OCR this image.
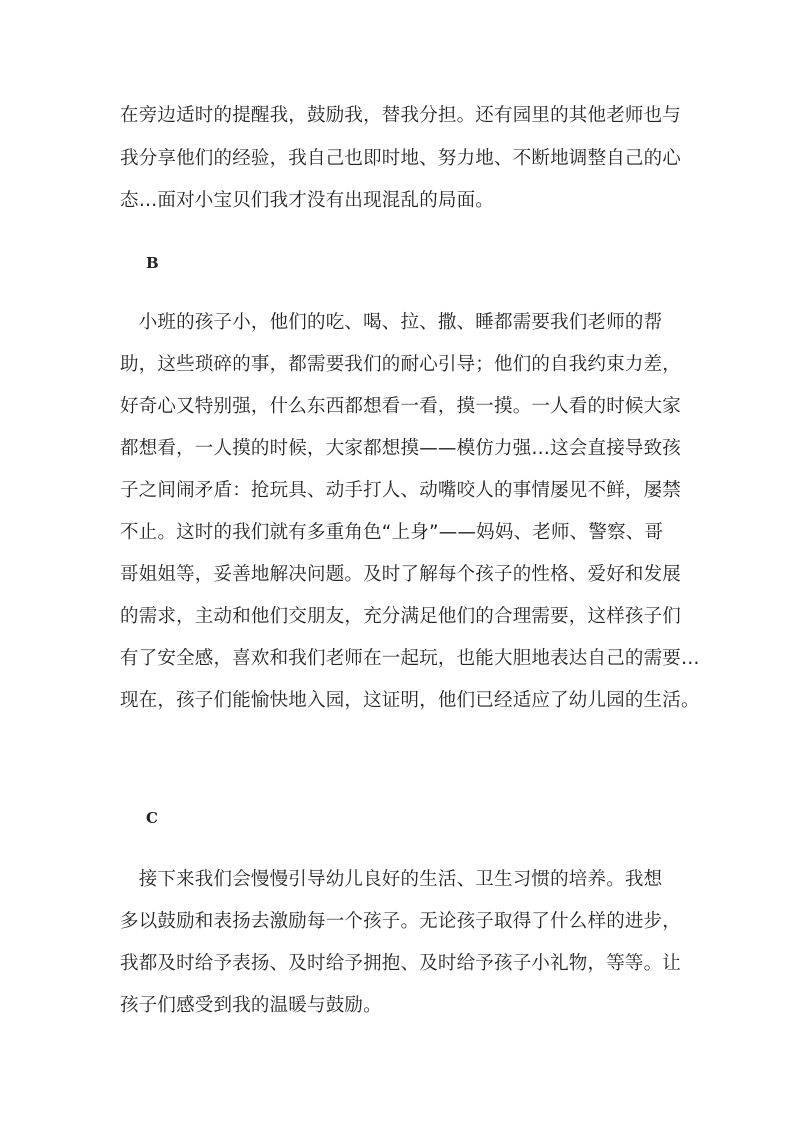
在旁边适时的提醒我，鼓励我，替我分担。还有园里的其他老师也与
我分享他们的经验，我自己也即时地、努力地、不断地调整自己的心
态…面对小宝贝们我才没有出现混乱的局面。
B
　小班的孩子小，他们的吃、喝、拉、撒、睡都需要我们老师的帮
助，这些琐碎的事，都需要我们的耐心引导；他们的自我约束力差，
好奇心又特别强，什么东西都想看一看，摸一摸。一人看的时候大家
都想看，一人摸的时候，大家都想摸——模仿力强…这会直接导致孩
子之间闹矛盾：抢玩具、动手打人、动嘴咬人的事情屡见不鲜，屡禁
不止。这时的我们就有多重角色“上身”——妈妈、老师、警察、哥
哥姐姐等，妥善地解决问题。及时了解每个孩子的性格、爱好和发展
的需求，主动和他们交朋友，充分满足他们的合理需要，这样孩子们
有了安全感，喜欢和我们老师在一起玩，也能大胆地表达自己的需要…
现在，孩子们能愉快地入园，这证明，他们已经适应了幼儿园的生活。
C
　接下来我们会慢慢引导幼儿良好的生活、卫生习惯的培养。我想
多以鼓励和表扬去激励每一个孩子。无论孩子取得了什么样的进步，
我都及时给予表扬、及时给予拥抱、及时给予孩子小礼物，等等。让
孩子们感受到我的温暖与鼓励。
